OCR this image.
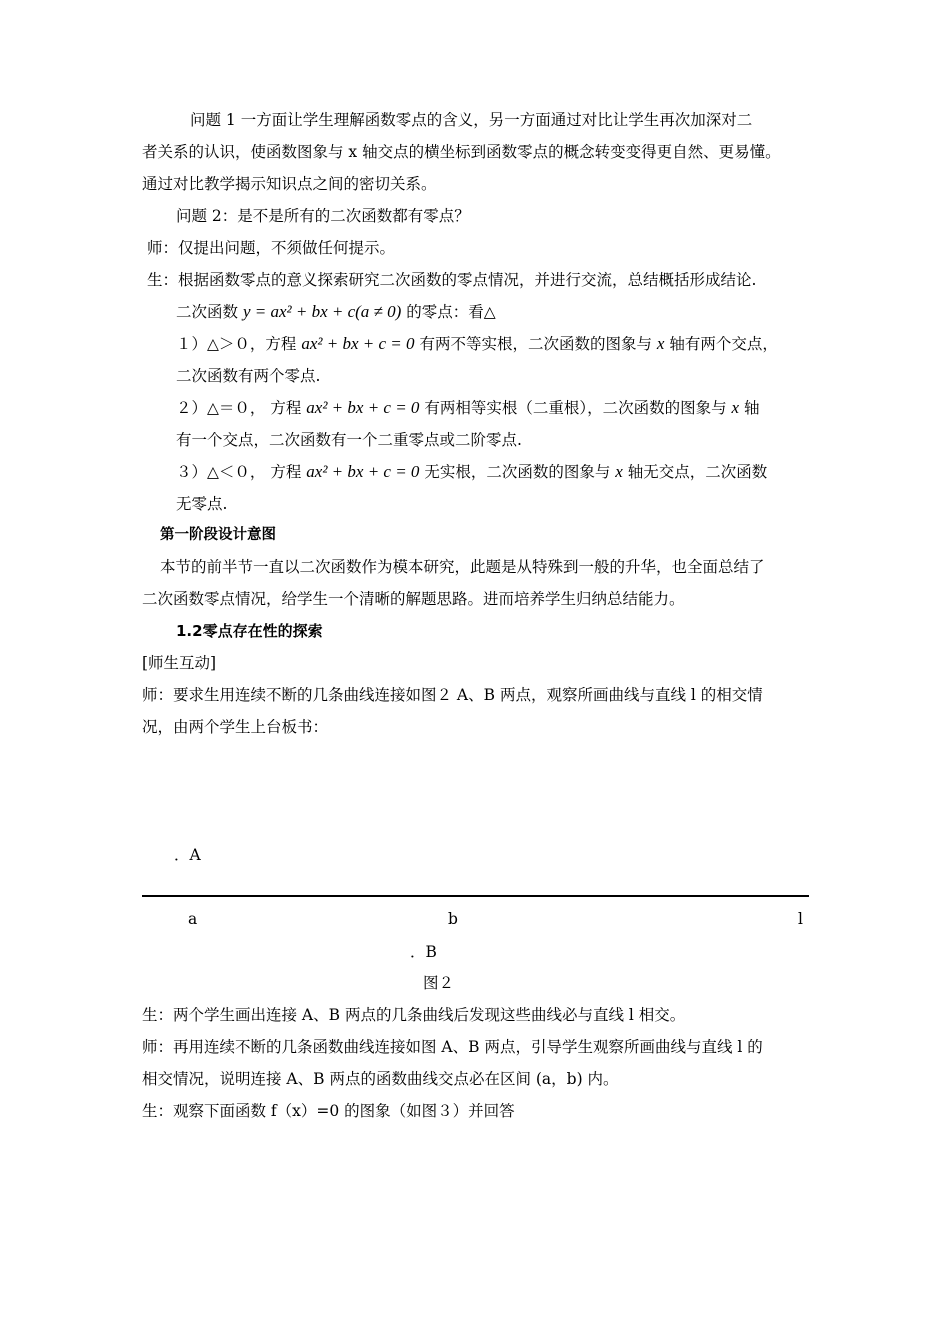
问题 1 一方面让学生理解函数零点的含义，另一方面通过对比让学生再次加深对二
者关系的认识，使函数图象与 x 轴交点的横坐标到函数零点的概念转变变得更自然、更易懂。
通过对比教学揭示知识点之间的密切关系。
问题 2：是不是所有的二次函数都有零点？
师：仅提出问题，不须做任何提示。
生：根据函数零点的意义探索研究二次函数的零点情况，并进行交流，总结概括形成结论.
二次函数 y = ax² + bx + c(a ≠ 0) 的零点：看△
１）△＞０，方程 ax² + bx + c = 0 有两不等实根，二次函数的图象与 x 轴有两个交点，
二次函数有两个零点.
２）△＝０， 方程 ax² + bx + c = 0 有两相等实根（二重根），二次函数的图象与 x 轴
有一个交点，二次函数有一个二重零点或二阶零点.
３）△＜０， 方程 ax² + bx + c = 0 无实根，二次函数的图象与 x 轴无交点，二次函数
无零点.
第一阶段设计意图
本节的前半节一直以二次函数作为模本研究，此题是从特殊到一般的升华，也全面总结了
二次函数零点情况，给学生一个清晰的解题思路。进而培养学生归纳总结能力。
1.2零点存在性的探索
[师生互动]
师：要求生用连续不断的几条曲线连接如图２ A、B 两点，观察所画曲线与直线 l 的相交情
况，由两个学生上台板书：
．A
a	b	l
．B
图２
生：两个学生画出连接 A、B 两点的几条曲线后发现这些曲线必与直线 l 相交。
师：再用连续不断的几条函数曲线连接如图 A、B 两点，引导学生观察所画曲线与直线 l 的
相交情况，说明连接 A、B 两点的函数曲线交点必在区间 (a，b) 内。
生：观察下面函数 f（x）=0 的图象（如图３）并回答
